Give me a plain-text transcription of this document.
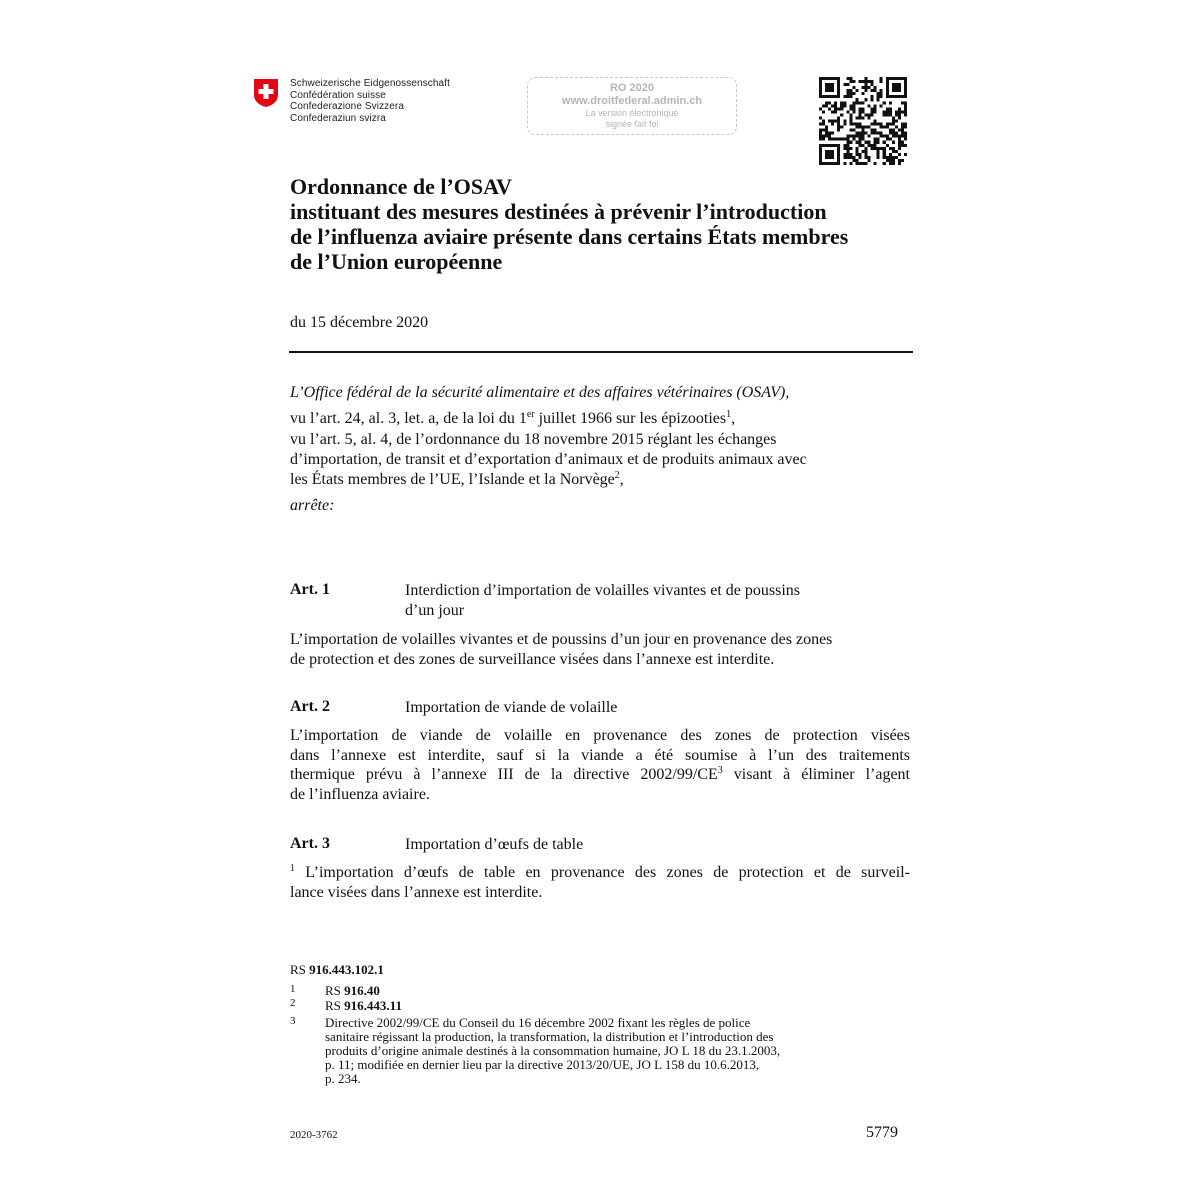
Schweizerische Eidgenossenschaft
Confédération suisse
Confederazione Svizzera
Confederaziun svizra
RO 2020
www.droitfederal.admin.ch
La version électronique
signée fait foi
Ordonnance de l’OSAV
instituant des mesures destinées à prévenir l’introduction
de l’influenza aviaire présente dans certains États membres
de l’Union européenne
du 15 décembre 2020
L’Office fédéral de la sécurité alimentaire et des affaires vétérinaires (OSAV),
vu l’art. 24, al. 3, let. a, de la loi du 1er juillet 1966 sur les épizooties$^1$,
vu l’art. 5, al. 4, de l’ordonnance du 18 novembre 2015 réglant les échanges
d’importation, de transit et d’exportation d’animaux et de produits animaux avec
les États membres de l’UE, l’Islande et la Norvège$^2$,
arrête:
Art. 1	Interdiction d’importation de volailles vivantes et de poussins
d’un jour
L’importation de volailles vivantes et de poussins d’un jour en provenance des zones
de protection et des zones de surveillance visées dans l’annexe est interdite.
Art. 2	Importation de viande de volaille
L’importation de viande de volaille en provenance des zones de protection visées
dans l’annexe est interdite, sauf si la viande a été soumise à l’un des traitements
thermique prévu à l’annexe III de la directive $2002/99/CE^3$ visant à éliminer l’agent
de l’influenza aviaire.
Art. 3	Importation d’œufs de table
$^1$ L’importation d’œufs de table en provenance des zones de protection et de surveil-
lance visées dans l’annexe est interdite.
RS 916.443.102.1
1 RS 916.40
2 RS 916.443.11
3 Directive 2002/99/CE du Conseil du 16 décembre 2002 fixant les règles de police
sanitaire régissant la production, la transformation, la distribution et l’introduction des
produits d’origine animale destinés à la consommation humaine, JO L 18 du 23.1.2003,
p. 11; modifiée en dernier lieu par la directive 2013/20/UE, JO L 158 du 10.6.2013,
p. 234.
2020-3762	5779
